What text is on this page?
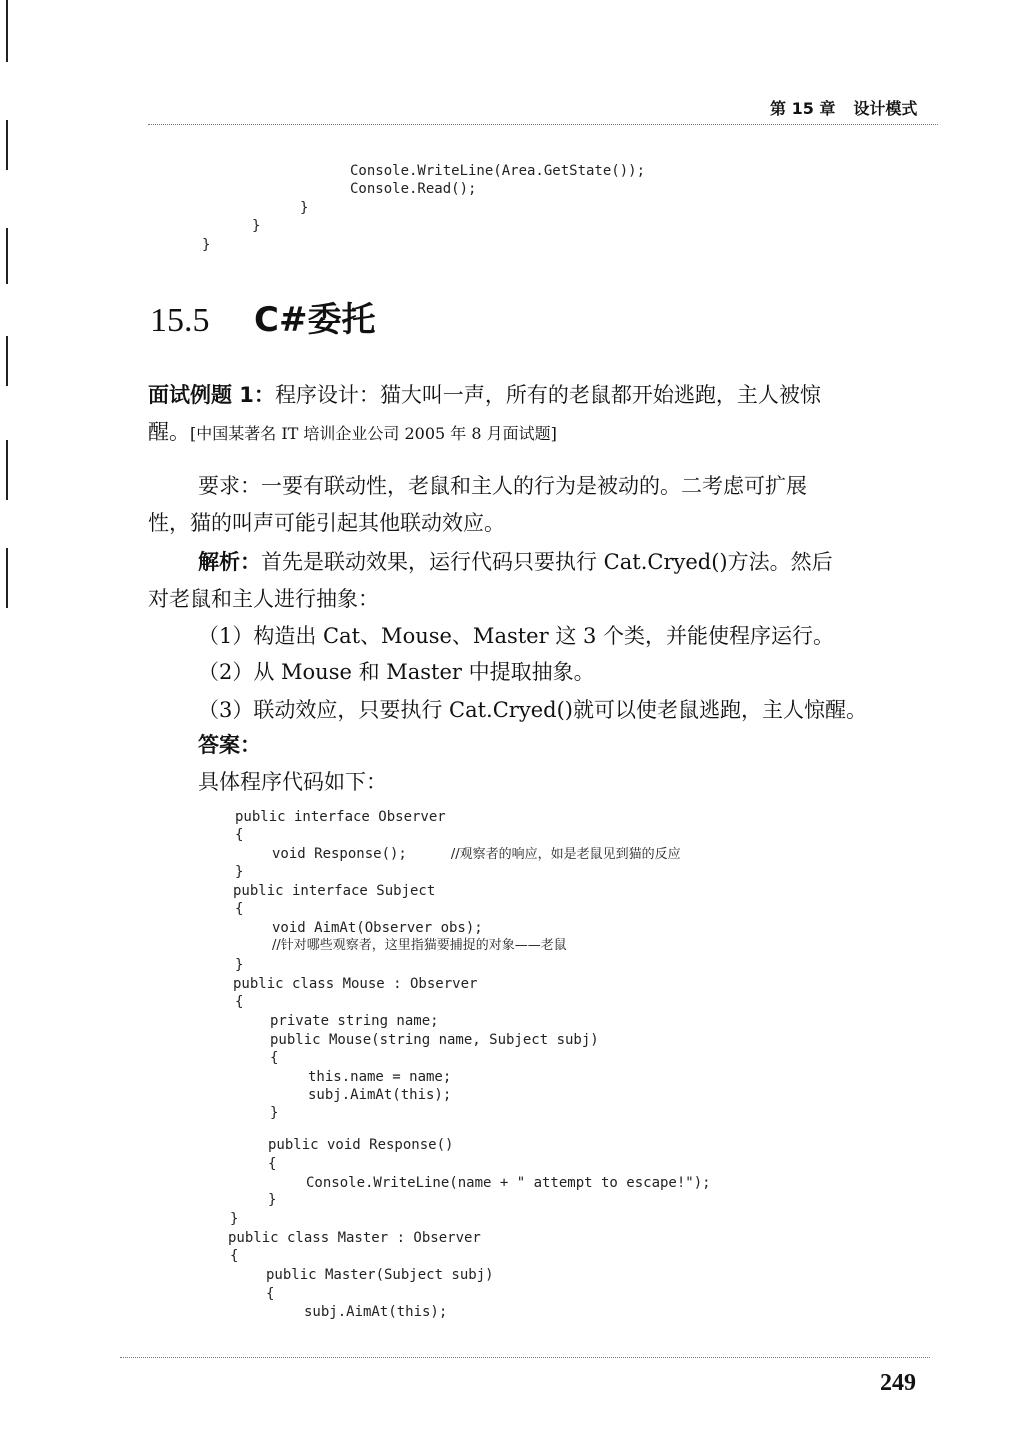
第 15 章 设计模式
Console.WriteLine(Area.GetState());
Console.Read();
}
}
}
15.5 C#委托
面试例题 1：程序设计：猫大叫一声，所有的老鼠都开始逃跑，主人被惊
醒。[中国某著名 IT 培训企业公司 2005 年 8 月面试题]
要求：一要有联动性，老鼠和主人的行为是被动的。二考虑可扩展
性，猫的叫声可能引起其他联动效应。
解析：首先是联动效果，运行代码只要执行 Cat.Cryed()方法。然后
对老鼠和主人进行抽象：
（1）构造出 Cat、Mouse、Master 这 3 个类，并能使程序运行。
（2）从 Mouse 和 Master 中提取抽象。
（3）联动效应，只要执行 Cat.Cryed()就可以使老鼠逃跑，主人惊醒。
答案：
具体程序代码如下：
public interface Observer
{
void Response();	//观察者的响应，如是老鼠见到猫的反应
}
public interface Subject
{
void AimAt(Observer obs);
//针对哪些观察者，这里指猫要捕捉的对象——老鼠
}
public class Mouse : Observer
{
private string name;
public Mouse(string name, Subject subj)
{
this.name = name;
subj.AimAt(this);
}
public void Response()
{
Console.WriteLine(name + " attempt to escape!");
}
}
public class Master : Observer
{
public Master(Subject subj)
{
subj.AimAt(this);
249
